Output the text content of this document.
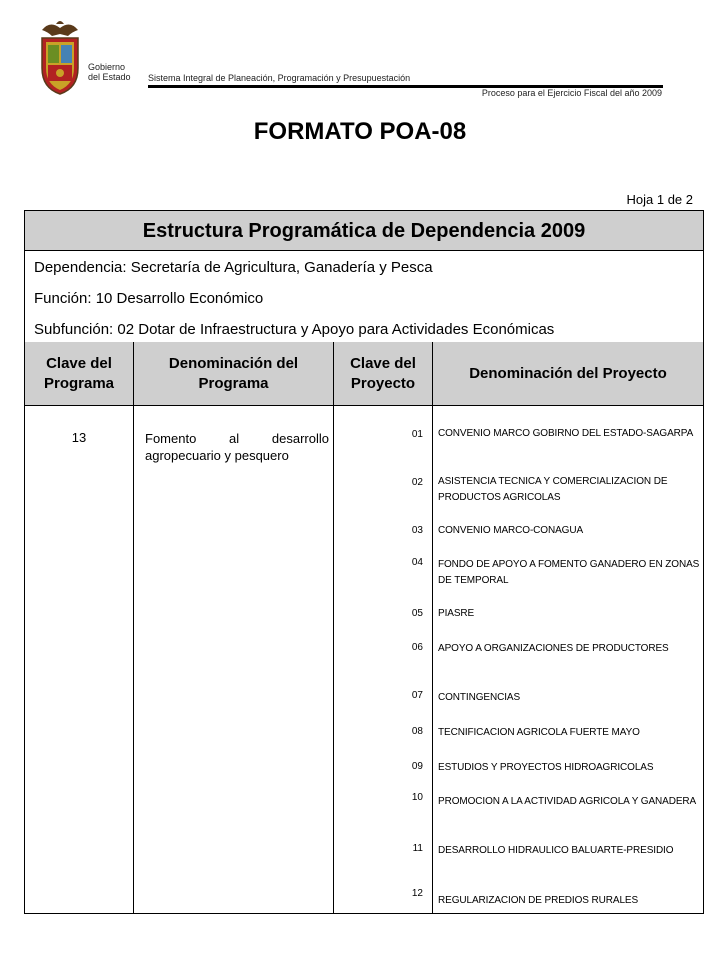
Gobierno
del Estado Sistema Integral de Planeación, Programación y Presupuestación
Proceso para el Ejercicio Fiscal del año 2009
FORMATO POA-08
Hoja 1 de 2
Estructura Programática de Dependencia 2009
Dependencia: Secretaría de Agricultura, Ganadería y Pesca
Función: 10 Desarrollo Económico
Subfunción: 02 Dotar de Infraestructura y Apoyo para Actividades Económicas
Clave del Programa
Denominación del Programa
Clave del Proyecto
Denominación del Proyecto
13	Fomento al desarrollo agropecuario y pesquero
01 CONVENIO MARCO GOBIRNO DEL ESTADO-SAGARPA
02 ASISTENCIA TECNICA Y COMERCIALIZACION DE PRODUCTOS AGRICOLAS
03 CONVENIO MARCO-CONAGUA
04 FONDO DE APOYO A FOMENTO GANADERO EN ZONAS DE TEMPORAL
05 PIASRE
06 APOYO A ORGANIZACIONES DE PRODUCTORES
07 CONTINGENCIAS
08 TECNIFICACION AGRICOLA FUERTE MAYO
09 ESTUDIOS Y PROYECTOS HIDROAGRICOLAS
10 PROMOCION A LA ACTIVIDAD AGRICOLA Y GANADERA
11 DESARROLLO HIDRAULICO BALUARTE-PRESIDIO
12
REGULARIZACION DE PREDIOS RURALES
